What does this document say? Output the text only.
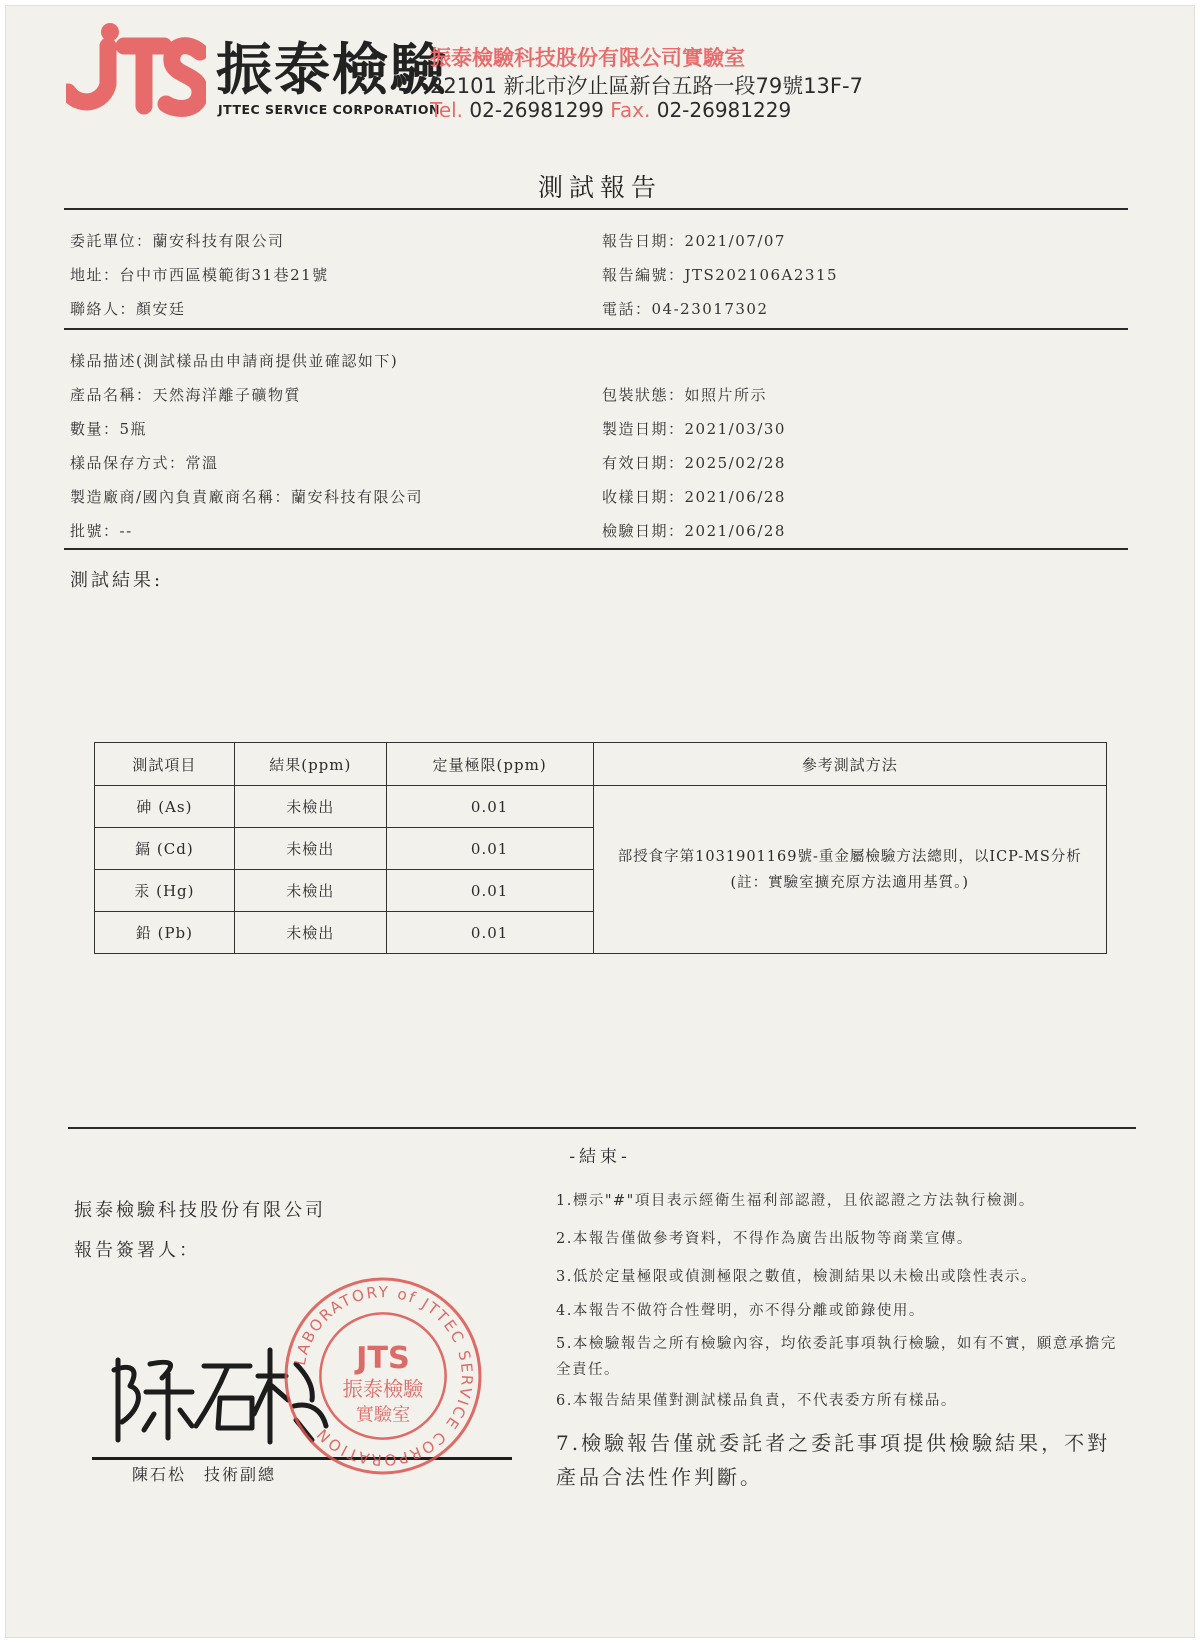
振泰檢驗
JTTEC SERVICE CORPORATION
振泰檢驗科技股份有限公司實驗室
22101 新北市汐止區新台五路一段79號13F-7
Tel. 02-26981299 Fax. 02-26981229
測試報告
委託單位：蘭安科技有限公司
地址：台中市西區模範街31巷21號
聯絡人：顏安廷
報告日期：2021/07/07
報告編號：JTS202106A2315
電話：04-23017302
樣品描述(測試樣品由申請商提供並確認如下)
產品名稱：天然海洋離子礦物質
數量：5瓶
樣品保存方式：常溫
製造廠商/國內負責廠商名稱：蘭安科技有限公司
批號：--
包裝狀態：如照片所示
製造日期：2021/03/30
有效日期：2025/02/28
收樣日期：2021/06/28
檢驗日期：2021/06/28
測試結果:
測試項目	結果(ppm)	定量極限(ppm)	參考測試方法
砷 (As)	未檢出	0.01	部授食字第1031901169號-重金屬檢驗方法總則，以ICP-MS分析
(註：實驗室擴充原方法適用基質。)

鎘 (Cd)	未檢出	0.01	
汞 (Hg)	未檢出	0.01	
鉛 (Pb)	未檢出	0.01	
-結束-
振泰檢驗科技股份有限公司
報告簽署人：
陳石松　技術副總
LABORATORY of JTTEC SERVICE CORPORATION
JTS
振泰檢驗
實驗室
1.標示"#"項目表示經衛生福利部認證，且依認證之方法執行檢測。
2.本報告僅做參考資料，不得作為廣告出版物等商業宣傳。
3.低於定量極限或偵測極限之數值，檢測結果以未檢出或陰性表示。
4.本報告不做符合性聲明，亦不得分離或節錄使用。
5.本檢驗報告之所有檢驗內容，均依委託事項執行檢驗，如有不實，願意承擔完全責任。
6.本報告結果僅對測試樣品負責，不代表委方所有樣品。
7.檢驗報告僅就委託者之委託事項提供檢驗結果，不對產品合法性作判斷。
